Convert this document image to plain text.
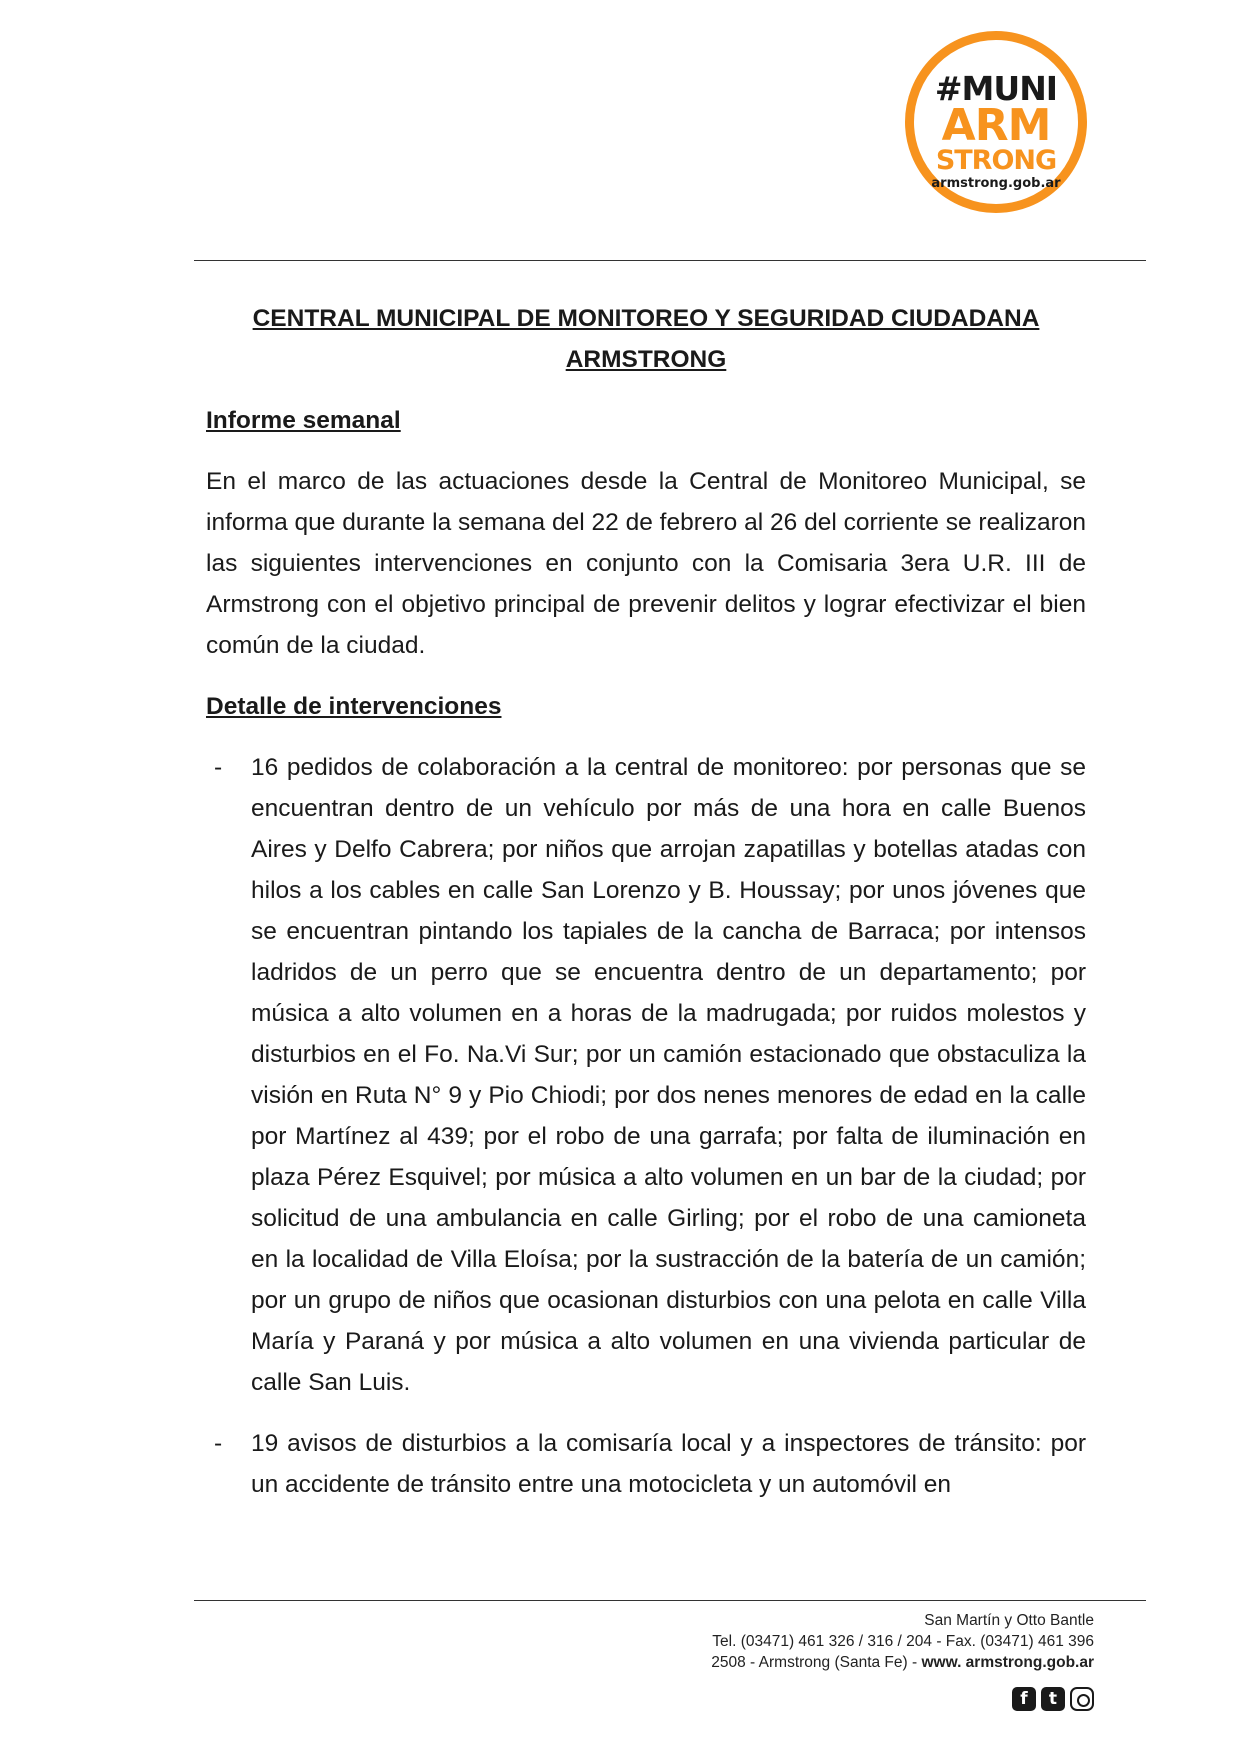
#MUNI
ARM
STRONG
armstrong.gob.ar

CENTRAL MUNICIPAL DE MONITOREO Y SEGURIDAD CIUDADANA

ARMSTRONG

Informe semanal

En el marco de las actuaciones desde la Central de Monitoreo Municipal, se informa que durante la semana del 22 de febrero al 26 del corriente se realizaron las siguientes intervenciones en conjunto con la Comisaria 3era U.R. III de Armstrong con el objetivo principal de prevenir delitos y lograr efectivizar el bien común de la ciudad.

Detalle de intervenciones

- 16 pedidos de colaboración a la central de monitoreo: por personas que se encuentran dentro de un vehículo por más de una hora en calle Buenos Aires y Delfo Cabrera; por niños que arrojan zapatillas y botellas atadas con hilos a los cables en calle San Lorenzo y B. Houssay; por unos jóvenes que se encuentran pintando los tapiales de la cancha de Barraca; por intensos ladridos de un perro que se encuentra dentro de un departamento; por música a alto volumen en a horas de la madrugada; por ruidos molestos y disturbios en el Fo. Na.Vi Sur; por un camión estacionado que obstaculiza la visión en Ruta N° 9 y Pio Chiodi; por dos nenes menores de edad en la calle por Martínez al 439; por el robo de una garrafa; por falta de iluminación en plaza Pérez Esquivel; por música a alto volumen en un bar de la ciudad; por solicitud de una ambulancia en calle Girling; por el robo de una camioneta en la localidad de Villa Eloísa; por la sustracción de la batería de un camión; por un grupo de niños que ocasionan disturbios con una pelota en calle Villa María y Paraná y por música a alto volumen en una vivienda particular de calle San Luis.
- 19 avisos de disturbios a la comisaría local y a inspectores de tránsito: por un accidente de tránsito entre una motocicleta y un automóvil en
San Martín y Otto Bantle
Tel. (03471) 461 326 / 316 / 204 - Fax. (03471) 461 396
2508 - Armstrong (Santa Fe) - www. armstrong.gob.ar
f	t
